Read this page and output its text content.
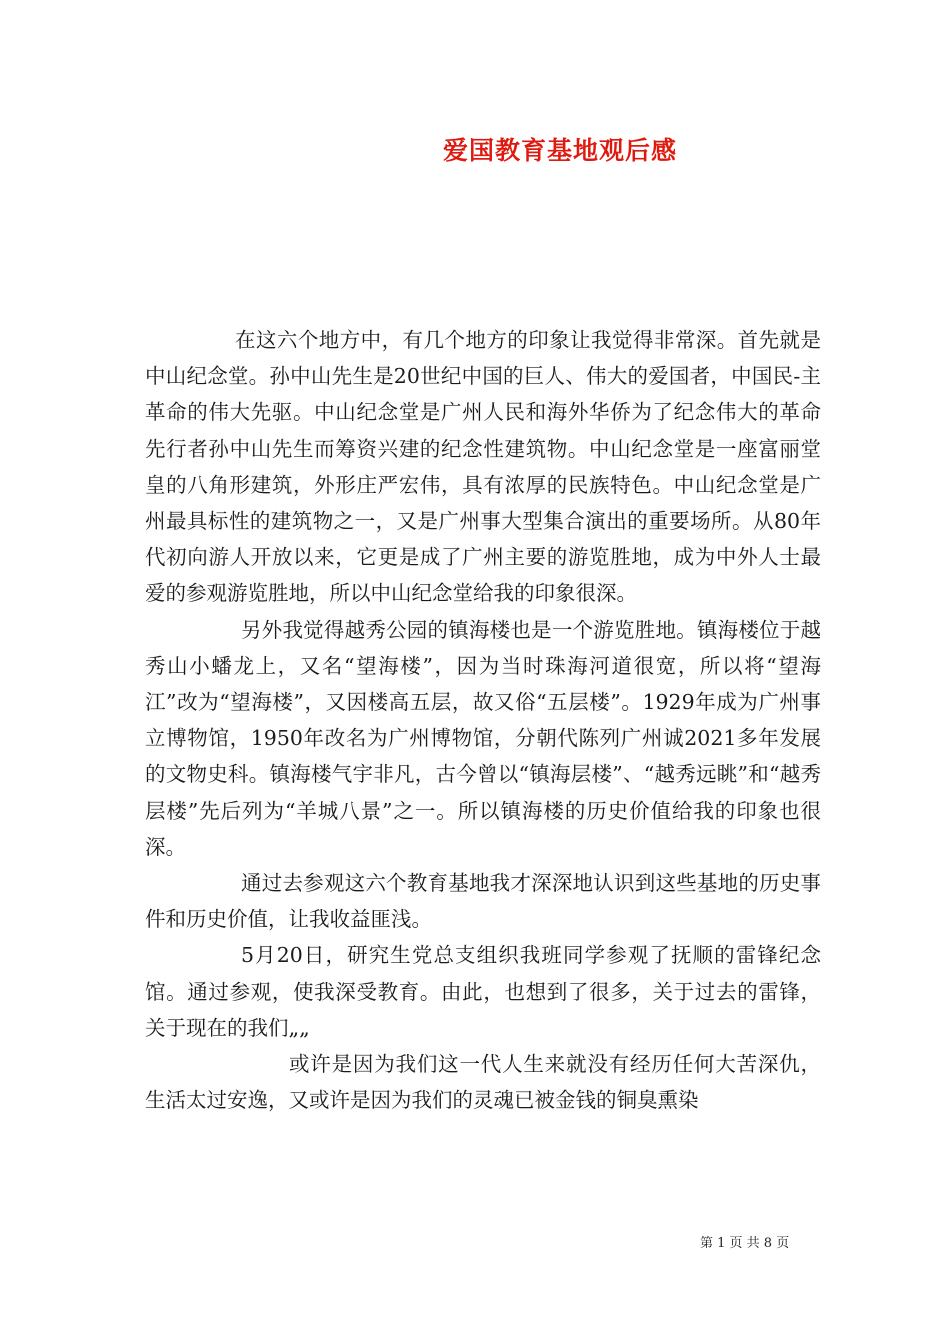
爱国教育基地观后感

在这六个地方中，有几个地方的印象让我觉得非常深。首先就是中山纪念堂。孙中山先生是20世纪中国的巨人、伟大的爱国者，中国民-主革命的伟大先驱。中山纪念堂是广州人民和海外华侨为了纪念伟大的革命先行者孙中山先生而筹资兴建的纪念性建筑物。中山纪念堂是一座富丽堂皇的八角形建筑，外形庄严宏伟，具有浓厚的民族特色。中山纪念堂是广州最具标性的建筑物之一，又是广州事大型集合演出的重要场所。从80年代初向游人开放以来，它更是成了广州主要的游览胜地，成为中外人士最爱的参观游览胜地，所以中山纪念堂给我的印象很深。

另外我觉得越秀公园的镇海楼也是一个游览胜地。镇海楼位于越秀山小蟠龙上，又名“望海楼”，因为当时珠海河道很宽，所以将“望海江”改为“望海楼”，又因楼高五层，故又俗“五层楼”。1929年成为广州事立博物馆，1950年改名为广州博物馆，分朝代陈列广州诚2021多年发展的文物史科。镇海楼气宇非凡，古今曾以“镇海层楼”、“越秀远眺”和“越秀层楼”先后列为“羊城八景”之一。所以镇海楼的历史价值给我的印象也很深。

通过去参观这六个教育基地我才深深地认识到这些基地的历史事件和历史价值，让我收益匪浅。

5月20日，研究生党总支组织我班同学参观了抚顺的雷锋纪念馆。通过参观，使我深受教育。由此，也想到了很多，关于过去的雷锋，关于现在的我们„„

或许是因为我们这一代人生来就没有经历任何大苦深仇，生活太过安逸，又或许是因为我们的灵魂已被金钱的铜臭熏染

第 1 页 共 8 页
